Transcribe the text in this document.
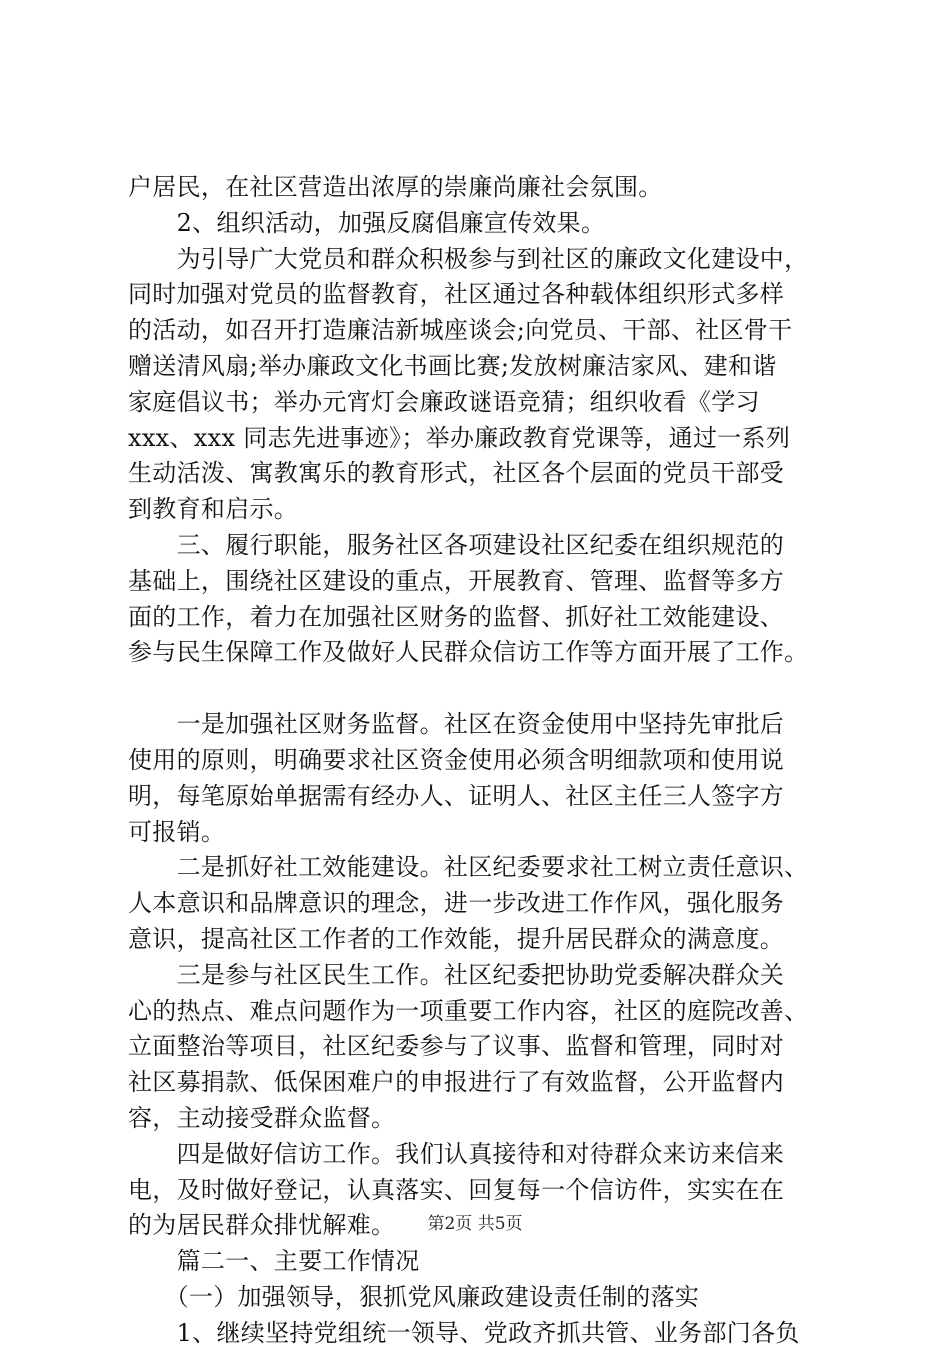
户居民，在社区营造出浓厚的崇廉尚廉社会氛围。
　　2、组织活动，加强反腐倡廉宣传效果。
　　为引导广大党员和群众积极参与到社区的廉政文化建设中，
同时加强对党员的监督教育，社区通过各种载体组织形式多样
的活动，如召开打造廉洁新城座谈会;向党员、干部、社区骨干
赠送清风扇;举办廉政文化书画比赛;发放树廉洁家风、建和谐
家庭倡议书；举办元宵灯会廉政谜语竞猜；组织收看《学习
xxx、xxx 同志先进事迹》；举办廉政教育党课等，通过一系列
生动活泼、寓教寓乐的教育形式，社区各个层面的党员干部受
到教育和启示。
　　三、履行职能，服务社区各项建设社区纪委在组织规范的
基础上，围绕社区建设的重点，开展教育、管理、监督等多方
面的工作，着力在加强社区财务的监督、抓好社工效能建设、
参与民生保障工作及做好人民群众信访工作等方面开展了工作。
　　一是加强社区财务监督。社区在资金使用中坚持先审批后
使用的原则，明确要求社区资金使用必须含明细款项和使用说
明，每笔原始单据需有经办人、证明人、社区主任三人签字方
可报销。
　　二是抓好社工效能建设。社区纪委要求社工树立责任意识、
人本意识和品牌意识的理念，进一步改进工作作风，强化服务
意识，提高社区工作者的工作效能，提升居民群众的满意度。
　　三是参与社区民生工作。社区纪委把协助党委解决群众关
心的热点、难点问题作为一项重要工作内容，社区的庭院改善、
立面整治等项目，社区纪委参与了议事、监督和管理，同时对
社区募捐款、低保困难户的申报进行了有效监督，公开监督内
容，主动接受群众监督。
　　四是做好信访工作。我们认真接待和对待群众来访来信来
电，及时做好登记，认真落实、回复每一个信访件，实实在在
的为居民群众排忧解难。
　　篇二一、主要工作情况
　　（一）加强领导，狠抓党风廉政建设责任制的落实
　　1、继续坚持党组统一领导、党政齐抓共管、业务部门各负
第2页 共5页
